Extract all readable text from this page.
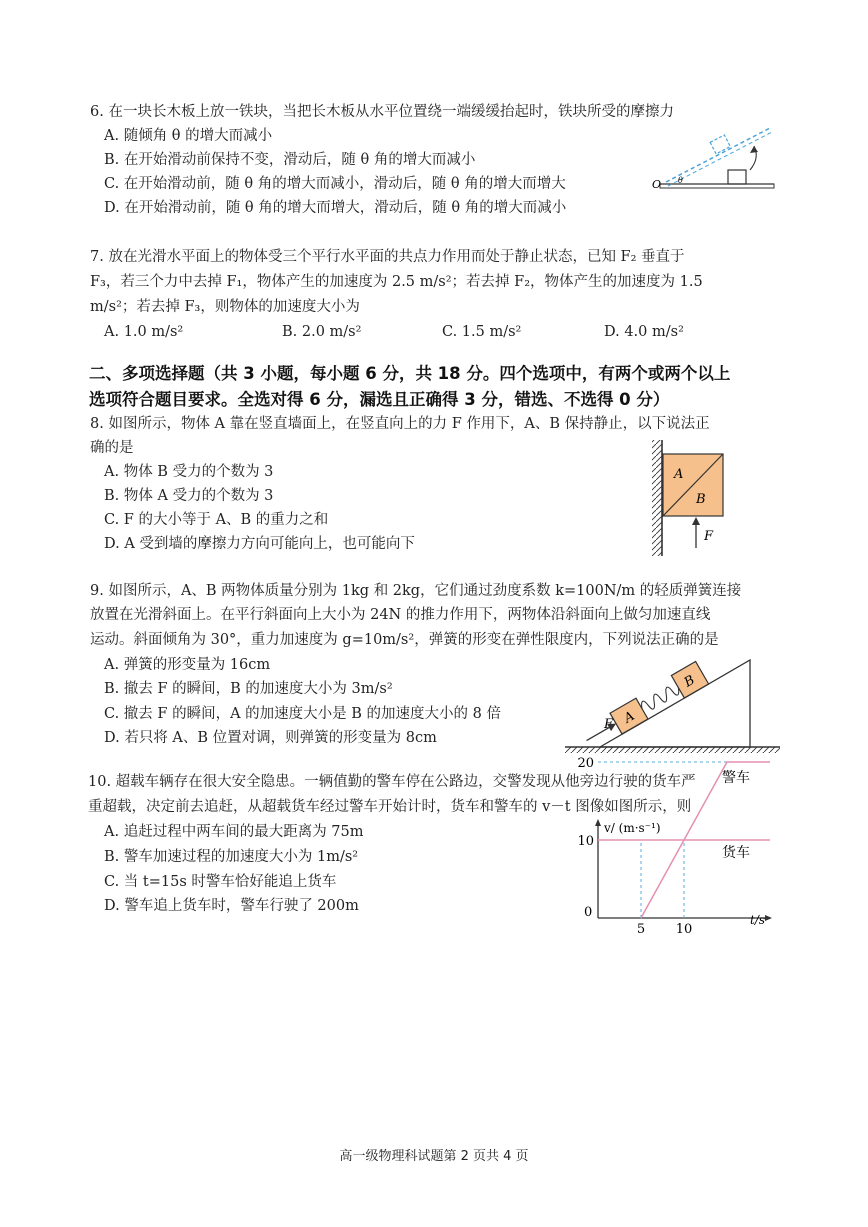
6. 在一块长木板上放一铁块，当把长木板从水平位置绕一端缓缓抬起时，铁块所受的摩擦力

A. 随倾角 θ 的增大而减小
B. 在开始滑动前保持不变，滑动后，随 θ 角的增大而减小
C. 在开始滑动前，随 θ 角的增大而减小，滑动后，随 θ 角的增大而增大
D. 在开始滑动前，随 θ 角的增大而增大，滑动后，随 θ 角的增大而减小
O θ
7. 放在光滑水平面上的物体受三个平行水平面的共点力作用而处于静止状态，已知 F₂ 垂直于
F₃，若三个力中去掉 F₁，物体产生的加速度为 2.5 m/s²；若去掉 F₂，物体产生的加速度为 1.5
m/s²；若去掉 F₃，则物体的加速度大小为
A. 1.0 m/s²	B. 2.0 m/s²	C. 1.5 m/s²	D. 4.0 m/s²
二、多项选择题（共 3 小题，每小题 6 分，共 18 分。四个选项中，有两个或两个以上
选项符合题目要求。全选对得 6 分，漏选且正确得 3 分，错选、不选得 0 分）
8. 如图所示，物体 A 靠在竖直墙面上，在竖直向上的力 F 作用下，A、B 保持静止，以下说法正
确的是
A. 物体 B 受力的个数为 3
B. 物体 A 受力的个数为 3
C. F 的大小等于 A、B 的重力之和
D. A 受到墙的摩擦力方向可能向上，也可能向下
A
B
F
9. 如图所示，A、B 两物体质量分别为 1kg 和 2kg，它们通过劲度系数 k=100N/m 的轻质弹簧连接
放置在光滑斜面上。在平行斜面向上大小为 24N 的推力作用下，两物体沿斜面向上做匀加速直线
运动。斜面倾角为 30°，重力加速度为 g=10m/s²，弹簧的形变在弹性限度内，下列说法正确的是
A. 弹簧的形变量为 16cm
B. 撤去 F 的瞬间，B 的加速度大小为 3m/s²
C. 撤去 F 的瞬间，A 的加速度大小是 B 的加速度大小的 8 倍
D. 若只将 A、B 位置对调，则弹簧的形变量为 8cm
A
B
F
10. 超载车辆存在很大安全隐患。一辆值勤的警车停在公路边，交警发现从他旁边行驶的货车严
重超载，决定前去追赶，从超载货车经过警车开始计时，货车和警车的 v－t 图像如图所示，则
A. 追赶过程中两车间的最大距离为 75m
B. 警车加速过程的加速度大小为 1m/s²
C. 当 t=15s 时警车恰好能追上货车
D. 警车追上货车时，警车行驶了 200m
v/ (m·s⁻¹)
t/s
0
10
20
5 10
警车
货车
高一级物理科试题第 2 页共 4 页
